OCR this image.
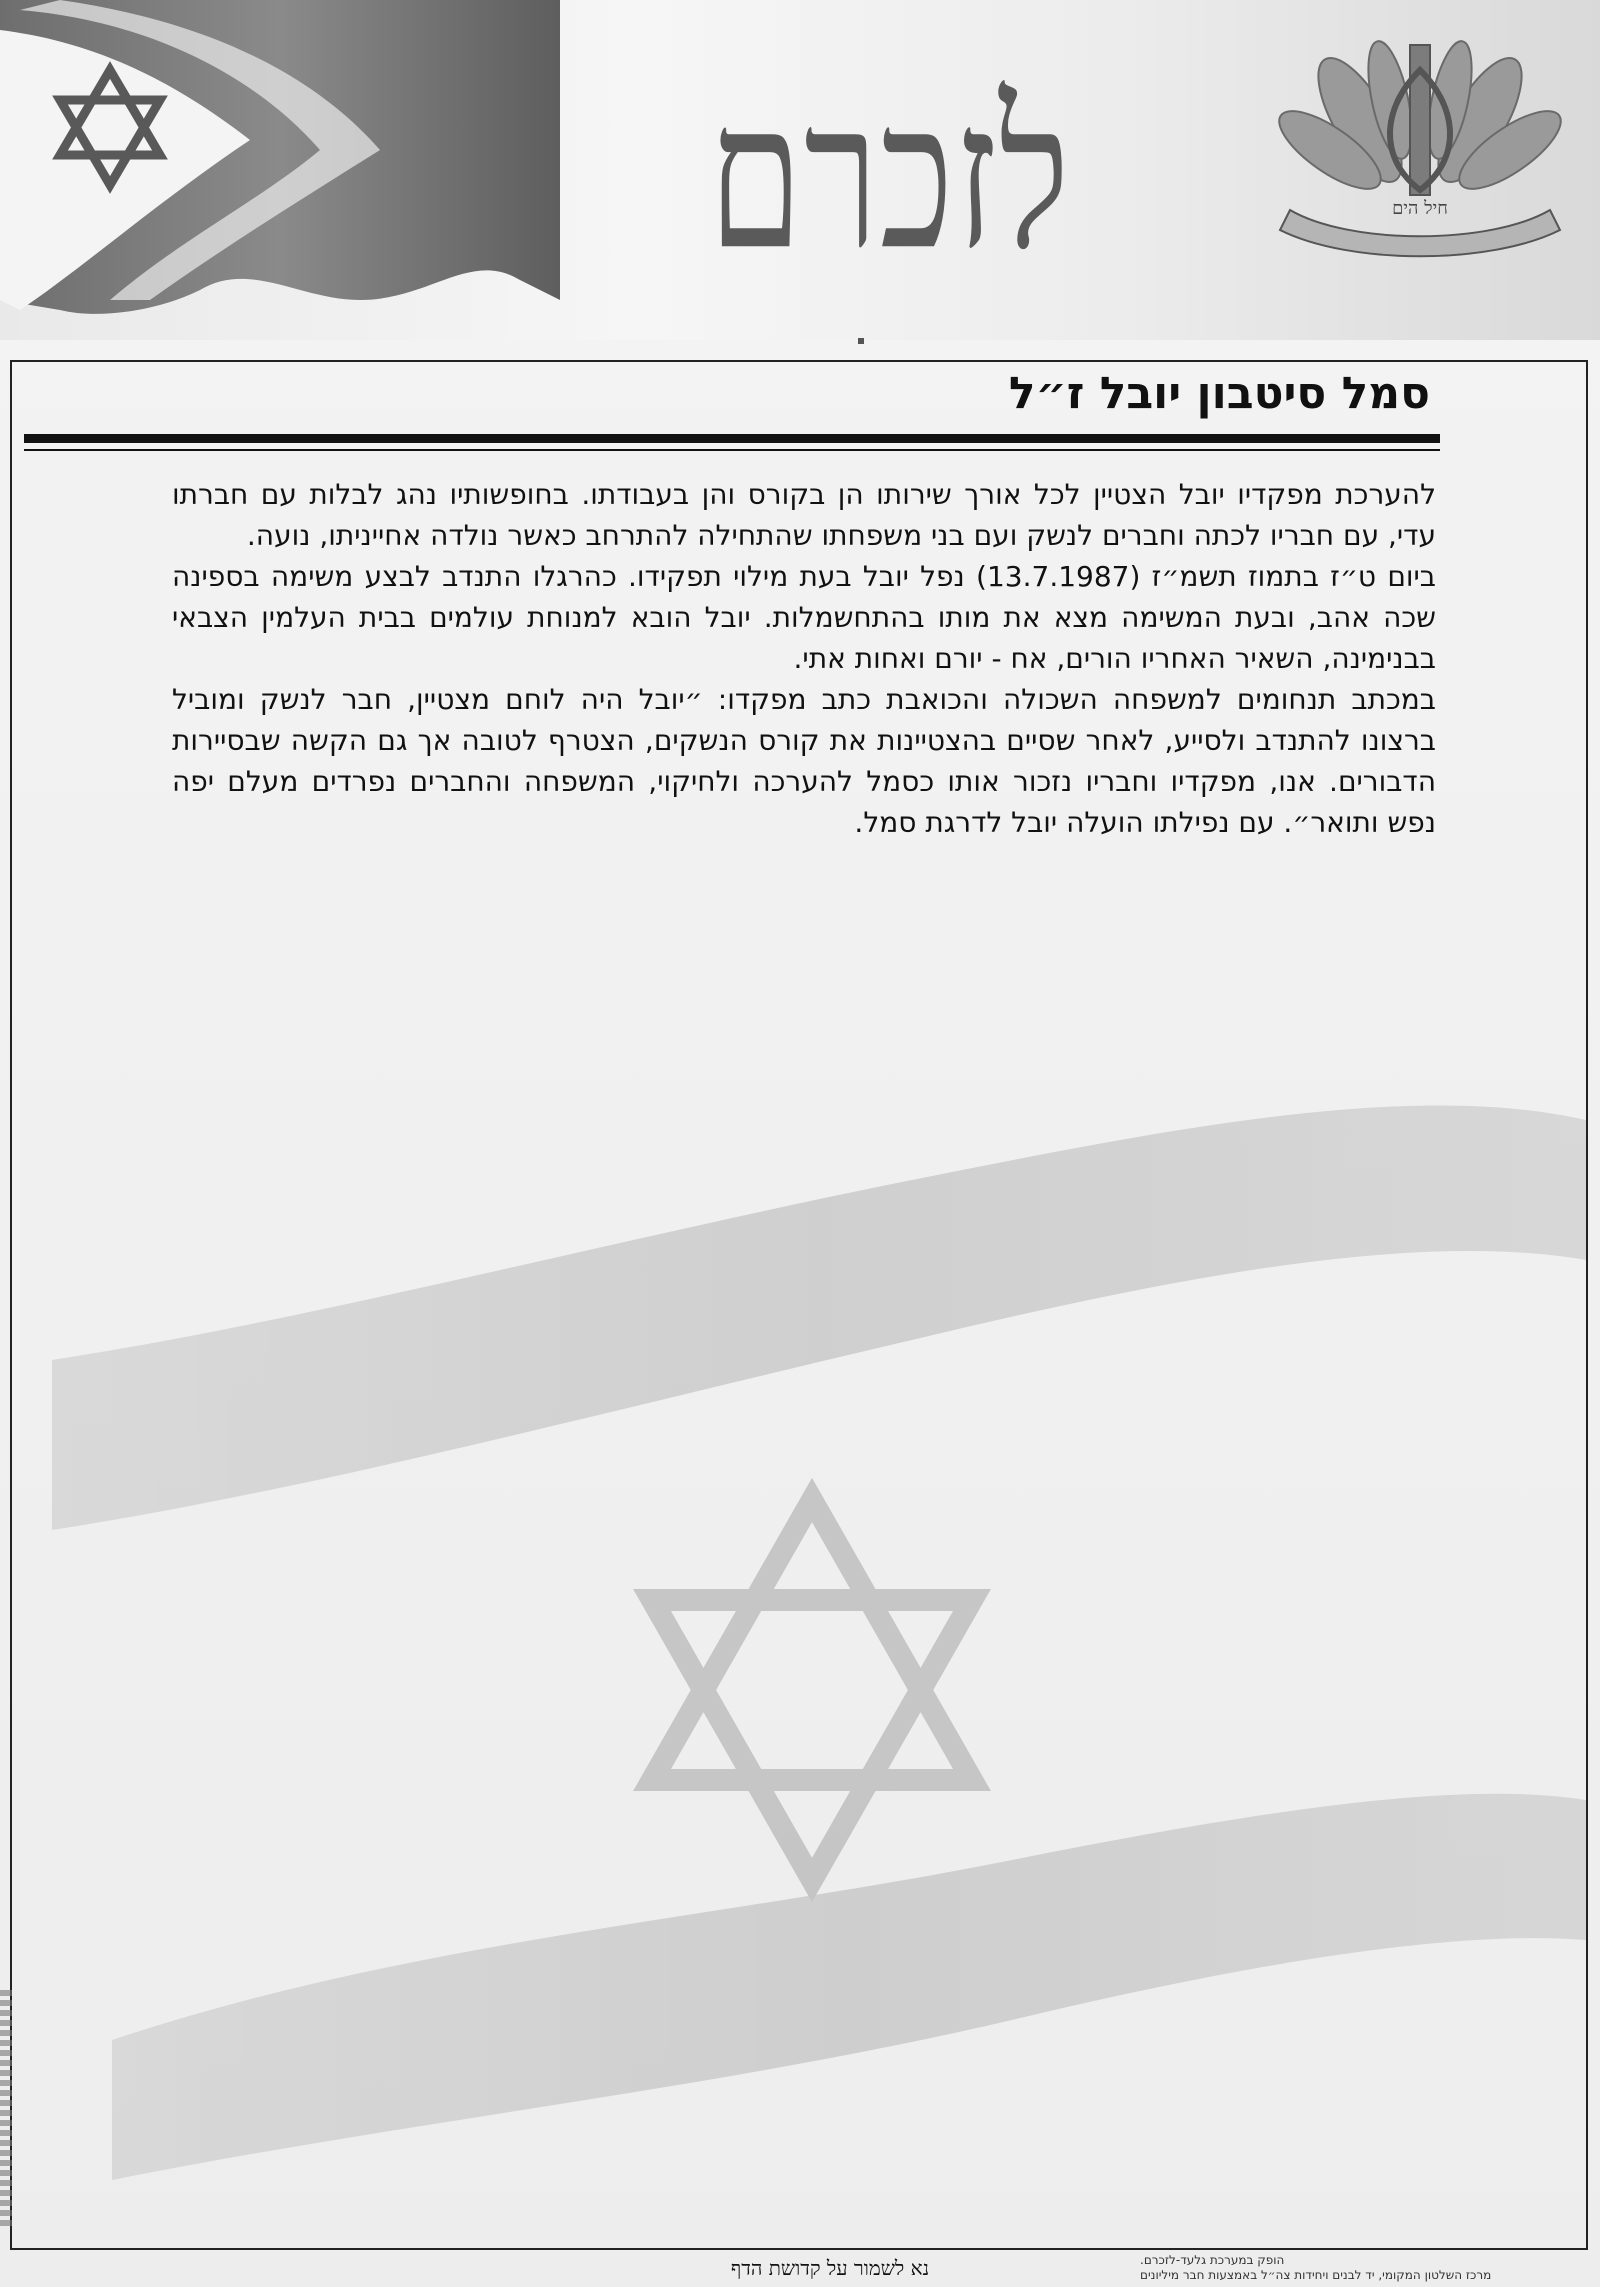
לזכרם	חיל הים
סמל סיטבון יובל ז״ל

להערכת מפקדיו יובל הצטיין לכל אורך שירותו הן בקורס והן בעבודתו. בחופשותיו נהג לבלות עם חברתו עדי, עם חבריו לכתה וחברים לנשק ועם בני משפחתו שהתחילה להתרחב כאשר נולדה אחייניתו, נועה.

ביום ט״ז בתמוז תשמ״ז (13.7.1987) נפל יובל בעת מילוי תפקידו. כהרגלו התנדב לבצע משימה בספינה שכה אהב, ובעת המשימה מצא את מותו בהתחשמלות. יובל הובא למנוחת עולמים בבית העלמין הצבאי בבנימינה, השאיר האחריו הורים, אח - יורם ואחות אתי.

במכתב תנחומים למשפחה השכולה והכואבת כתב מפקדו: ״יובל היה לוחם מצטיין, חבר לנשק ומוביל ברצונו להתנדב ולסייע, לאחר שסיים בהצטיינות את קורס הנשקים, הצטרף לטובה אך גם הקשה שבסיירות הדבורים. אנו, מפקדיו וחבריו נזכור אותו כסמל להערכה ולחיקוי, המשפחה והחברים נפרדים מעלם יפה נפש ותואר״. עם נפילתו הועלה יובל לדרגת סמל.

נא לשמור על קדושת הדף	הופק במערכת גלעד-לזכרם.
מרכז השלטון המקומי, יד לבנים ויחידות צה״ל באמצעות חבר מיליונים
